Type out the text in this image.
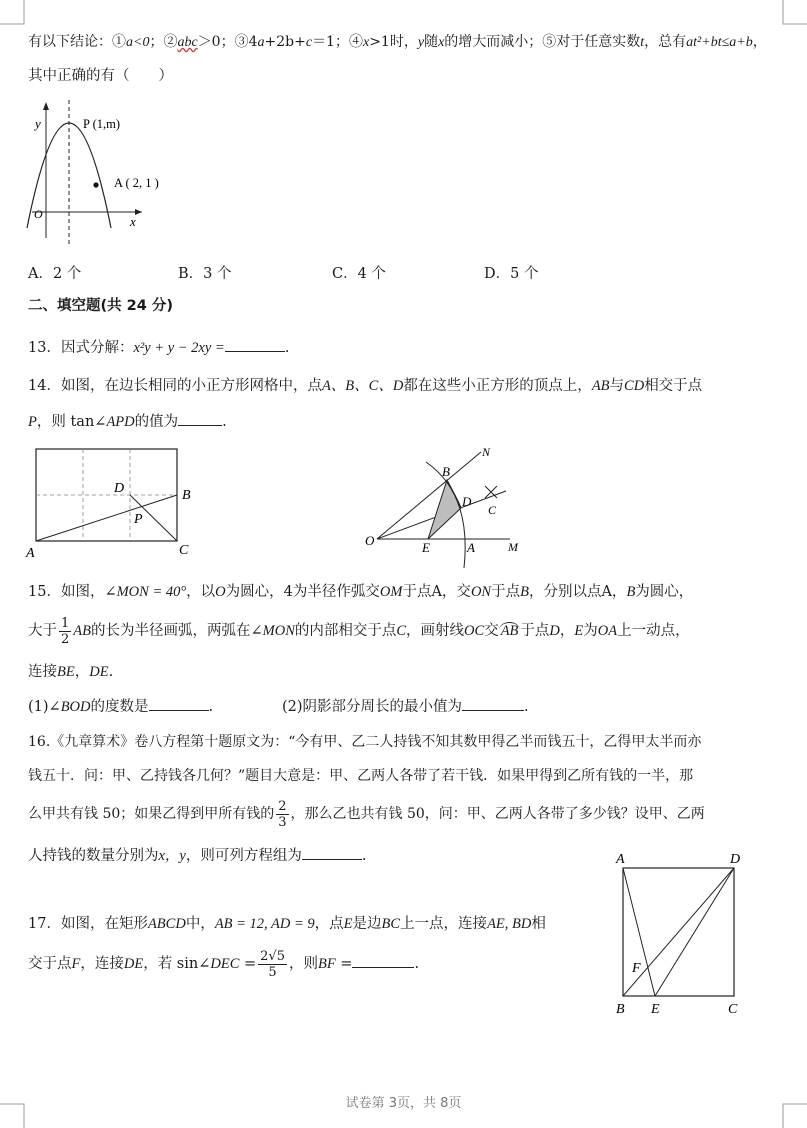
有以下结论：①a<0；②abc＞0；③4a+2b+c＝1；④x>1时，y随x的增大而减小；⑤对于任意实数t，总有at²+bt≤a+b，
其中正确的有（　　）
y
x
O
P (1,m)
A ( 2, 1 )
A．2 个	B．3 个	C．4 个	D．5 个
二、填空题(共 24 分)
13．因式分解：x²y + y − 2xy =	.
14．如图，在边长相同的小正方形网格中，点A、B、C、D都在这些小正方形的顶点上，AB与CD相交于点
P，则 tan∠APD的值为	.
A
B
C
D
P
O
B
N
D
C
E	A	M
15．如图，∠MON = 40°，以O为圆心，4为半径作弧交OM于点A，交ON于点B，分别以点A，B为圆心，
大于 $\frac{1}{2}$ AB的长为半径画弧，两弧在∠MON的内部相交于点C，画射线OC交 AB 于点D，E为OA上一动点，
连接BE，DE.
(1)∠BOD的度数是	.	(2)阴影部分周长的最小值为	.
16.《九章算术》卷八方程第十题原文为：“今有甲、乙二人持钱不知其数甲得乙半而钱五十，乙得甲太半而亦
钱五十．问：甲、乙持钱各几何？”题目大意是：甲、乙两人各带了若干钱．如果甲得到乙所有钱的一半，那
么甲共有钱 50；如果乙得到甲所有钱的 $\frac{2}{3}$ ，那么乙也共有钱 50，问：甲、乙两人各带了多少钱？设甲、乙两
人持钱的数量分别为x，y，则可列方程组为	.	A	D
B E	C
F
17．如图，在矩形ABCD中，AB = 12, AD = 9，点E是边BC上一点，连接AE, BD相
交于点F，连接DE，若 sin∠DEC = $\frac{2√5}{5}$ ，则BF =	.
试卷第 3页，共 8页
